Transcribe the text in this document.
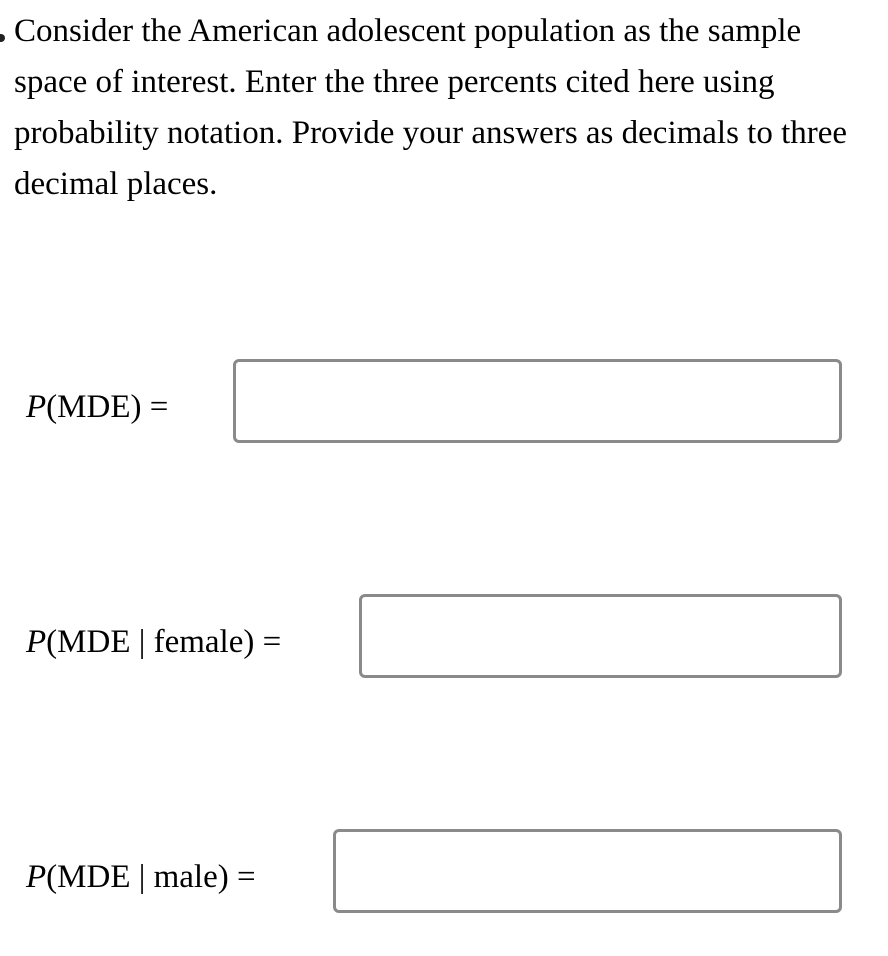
Consider the American adolescent population as the sample space of interest. Enter the three percents cited here using probability notation. Provide your answers as decimals to three decimal places.

P(MDE) =
P(MDE | female) =
P(MDE | male) =
